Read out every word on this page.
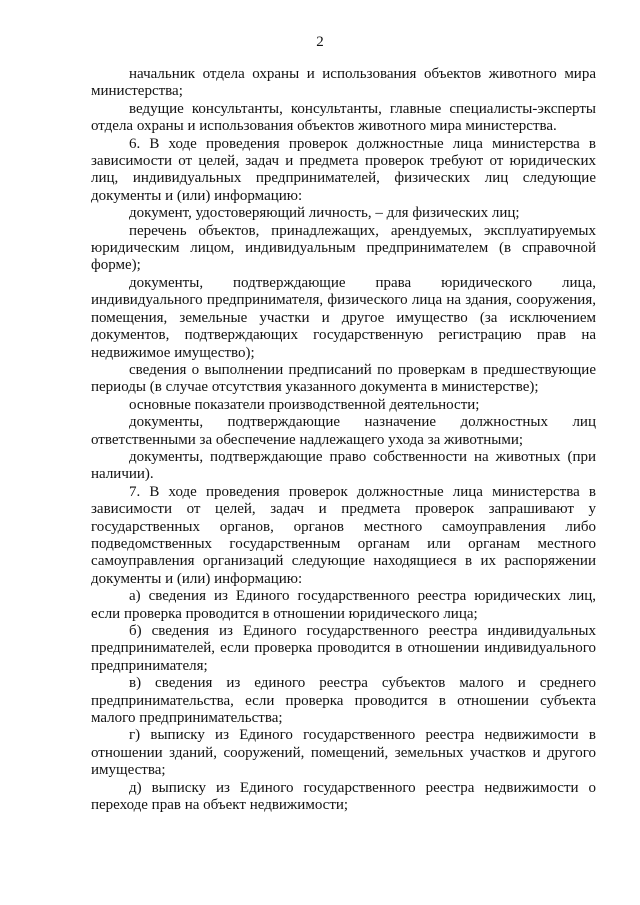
2

начальник отдела охраны и использования объектов животного мира министерства;

ведущие консультанты, консультанты, главные специалисты-эксперты отдела охраны и использования объектов животного мира министерства.

6. В ходе проведения проверок должностные лица министерства в зависимости от целей, задач и предмета проверок требуют от юридических лиц, индивидуальных предпринимателей, физических лиц следующие документы и (или) информацию:

документ, удостоверяющий личность, – для физических лиц;

перечень объектов, принадлежащих, арендуемых, эксплуатируемых юридическим лицом, индивидуальным предпринимателем (в справочной форме);

документы, подтверждающие права юридического лица, индивидуального предпринимателя, физического лица на здания, сооружения, помещения, земельные участки и другое имущество (за исключением документов, подтверждающих государственную регистрацию прав на недвижимое имущество);

сведения о выполнении предписаний по проверкам в предшествующие периоды (в случае отсутствия указанного документа в министерстве);

основные показатели производственной деятельности;

документы, подтверждающие назначение должностных лиц ответственными за обеспечение надлежащего ухода за животными;

документы, подтверждающие право собственности на животных (при наличии).

7. В ходе проведения проверок должностные лица министерства в зависимости от целей, задач и предмета проверок запрашивают у государственных органов, органов местного самоуправления либо подведомственных государственным органам или органам местного самоуправления организаций следующие находящиеся в их распоряжении документы и (или) информацию:

а) сведения из Единого государственного реестра юридических лиц, если проверка проводится в отношении юридического лица;

б) сведения из Единого государственного реестра индивидуальных предпринимателей, если проверка проводится в отношении индивидуального предпринимателя;

в) сведения из единого реестра субъектов малого и среднего предпринимательства, если проверка проводится в отношении субъекта малого предпринимательства;

г) выписку из Единого государственного реестра недвижимости в отношении зданий, сооружений, помещений, земельных участков и другого имущества;

д) выписку из Единого государственного реестра недвижимости о переходе прав на объект недвижимости;
